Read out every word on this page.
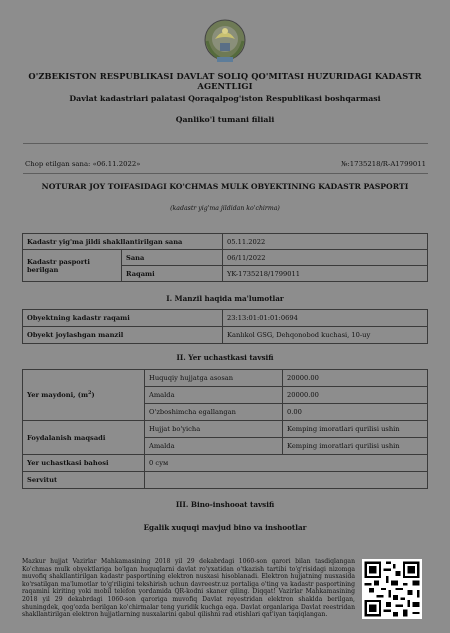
O'ZBEKISTON RESPUBLIKASI DAVLAT SOLIQ QO'MITASI HUZURIDAGI KADASTR AGENTLIGI
Davlat kadastrlari palatasi Qoraqalpog'iston Respublikasi boshqarmasi
Qanliko'l tumani filiali
Chop etilgan sana: «06.11.2022»	№:1735218/R-A1799011
NOTURAR JOY TOIFASIDAGI KO'CHMAS MULK OBYEKTINING KADASTR PASPORTI
(kadastr yig'ma jildidan ko'chirma)
Kadastr yig'ma jildi shakllantirilgan sana		05.11.2022
Kadastr pasporti berilgan	Sana	06/11/2022
	Raqami	YK-1735218/1799011
I. Manzil haqida ma'lumotlar
Obyektning kadastr raqami	23:13:01:01:01:0694
Obyekt joylashgan manzil	Kanlıkol GSG, Dehqonobod kuchasi, 10-uy
II. Yer uchastkasi tavsifi
Yer maydoni, $(m^2)$	Huquqiy hujjatga asosan	20000.00
	Amalda	20000.00
	O'zboshimcha egallangan	0.00
Foydalanish maqsadi	Hujjat bo'yicha	Kemping imoratlari qurilisi ushin
	Amalda	Kemping imoratlari qurilisi ushin
Yer uchastkasi bahosi	0 сум	
Servitut		
III. Bino-inshooat tavsifi
Egalik xuquqi mavjud bino va inshootlar
Mazkur hujjat Vazirlar Mahkamasining 2018 yil 29 dekabrdagi 1060-son qarori bilan tasdiqlangan Ko'chmas mulk obyektlariga bo'lgan huquqlarni davlat ro'yxatidan o'tkazish tartibi to'g'risidagi nizomga muvofiq shakllantirilgan kadastr pasportining elektron nusxasi hisoblanadi. Elektron hujjatning nusxasida ko'rsatilgan ma'lumotlar to'g'riligini tekshirish uchun davreestr.uz portaliga o'ting va kadastr pasportining raqamini kiriting yoki mobil telefon yordamida QR-kodni skaner qiling. Diqqat! Vazirlar Mahkamasining 2018 yil 29 dekabrdagi 1060-son qaroriga muvofiq Davlat reyestridan elektron shaklda berilgan, shuningdek, qog'ozda berilgan ko'chirmalar teng yuridik kuchga ega. Davlat organlariga Davlat reestridan shakllantirilgan elektron hujjatlarning nusxalarini qabul qilishni rad etishlari qat'iyan taqiqlangan.
